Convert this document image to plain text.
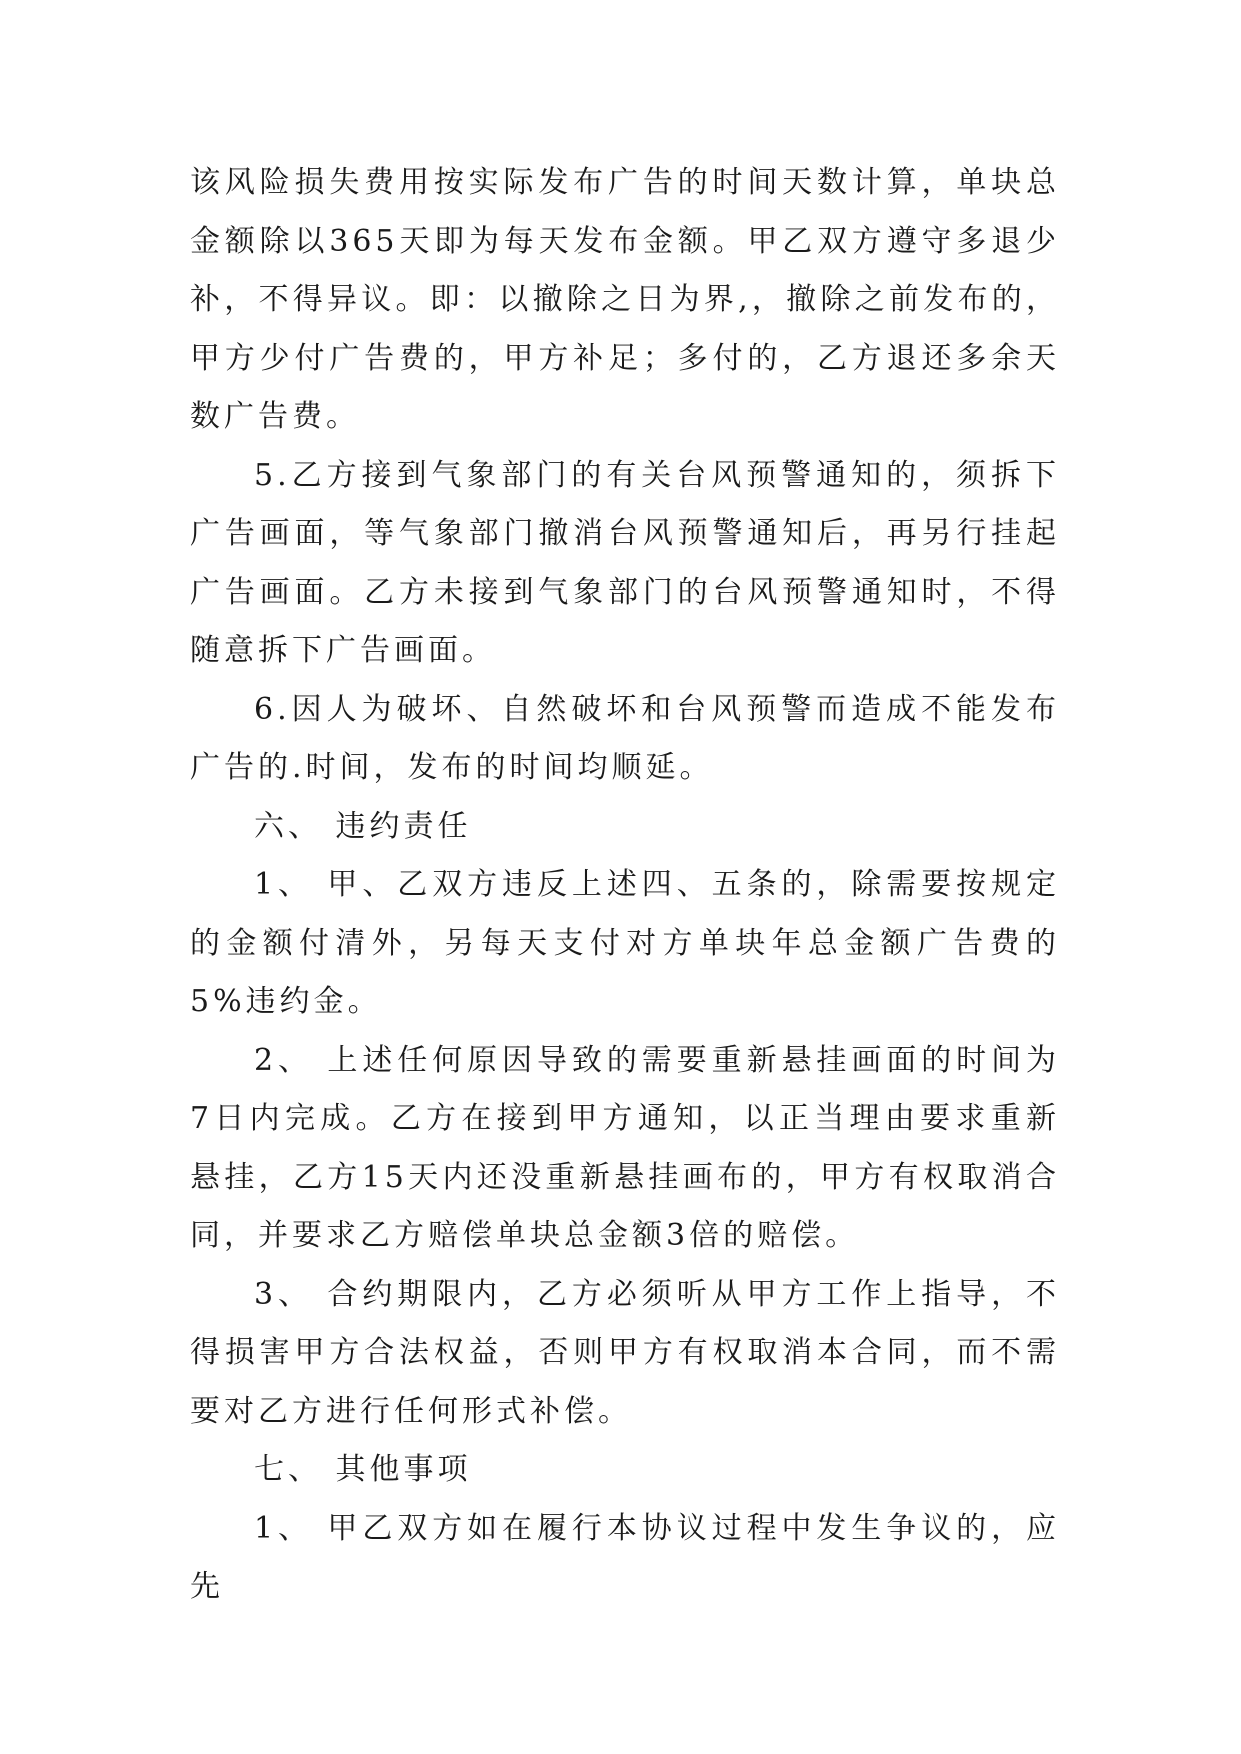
该风险损失费用按实际发布广告的时间天数计算，单块总金额除以365天即为每天发布金额。甲乙双方遵守多退少补，不得异议。即：以撤除之日为界,，撤除之前发布的，甲方少付广告费的，甲方补足；多付的，乙方退还多余天数广告费。

5.乙方接到气象部门的有关台风预警通知的，须拆下广告画面，等气象部门撤消台风预警通知后，再另行挂起广告画面。乙方未接到气象部门的台风预警通知时，不得随意拆下广告画面。

6.因人为破坏、自然破坏和台风预警而造成不能发布广告的.时间，发布的时间均顺延。

六、 违约责任

1、 甲、乙双方违反上述四、五条的，除需要按规定的金额付清外，另每天支付对方单块年总金额广告费的5%违约金。

2、 上述任何原因导致的需要重新悬挂画面的时间为7日内完成。乙方在接到甲方通知，以正当理由要求重新悬挂，乙方15天内还没重新悬挂画布的，甲方有权取消合同，并要求乙方赔偿单块总金额3倍的赔偿。

3、 合约期限内，乙方必须听从甲方工作上指导，不得损害甲方合法权益，否则甲方有权取消本合同，而不需要对乙方进行任何形式补偿。

七、 其他事项

1、 甲乙双方如在履行本协议过程中发生争议的，应先
